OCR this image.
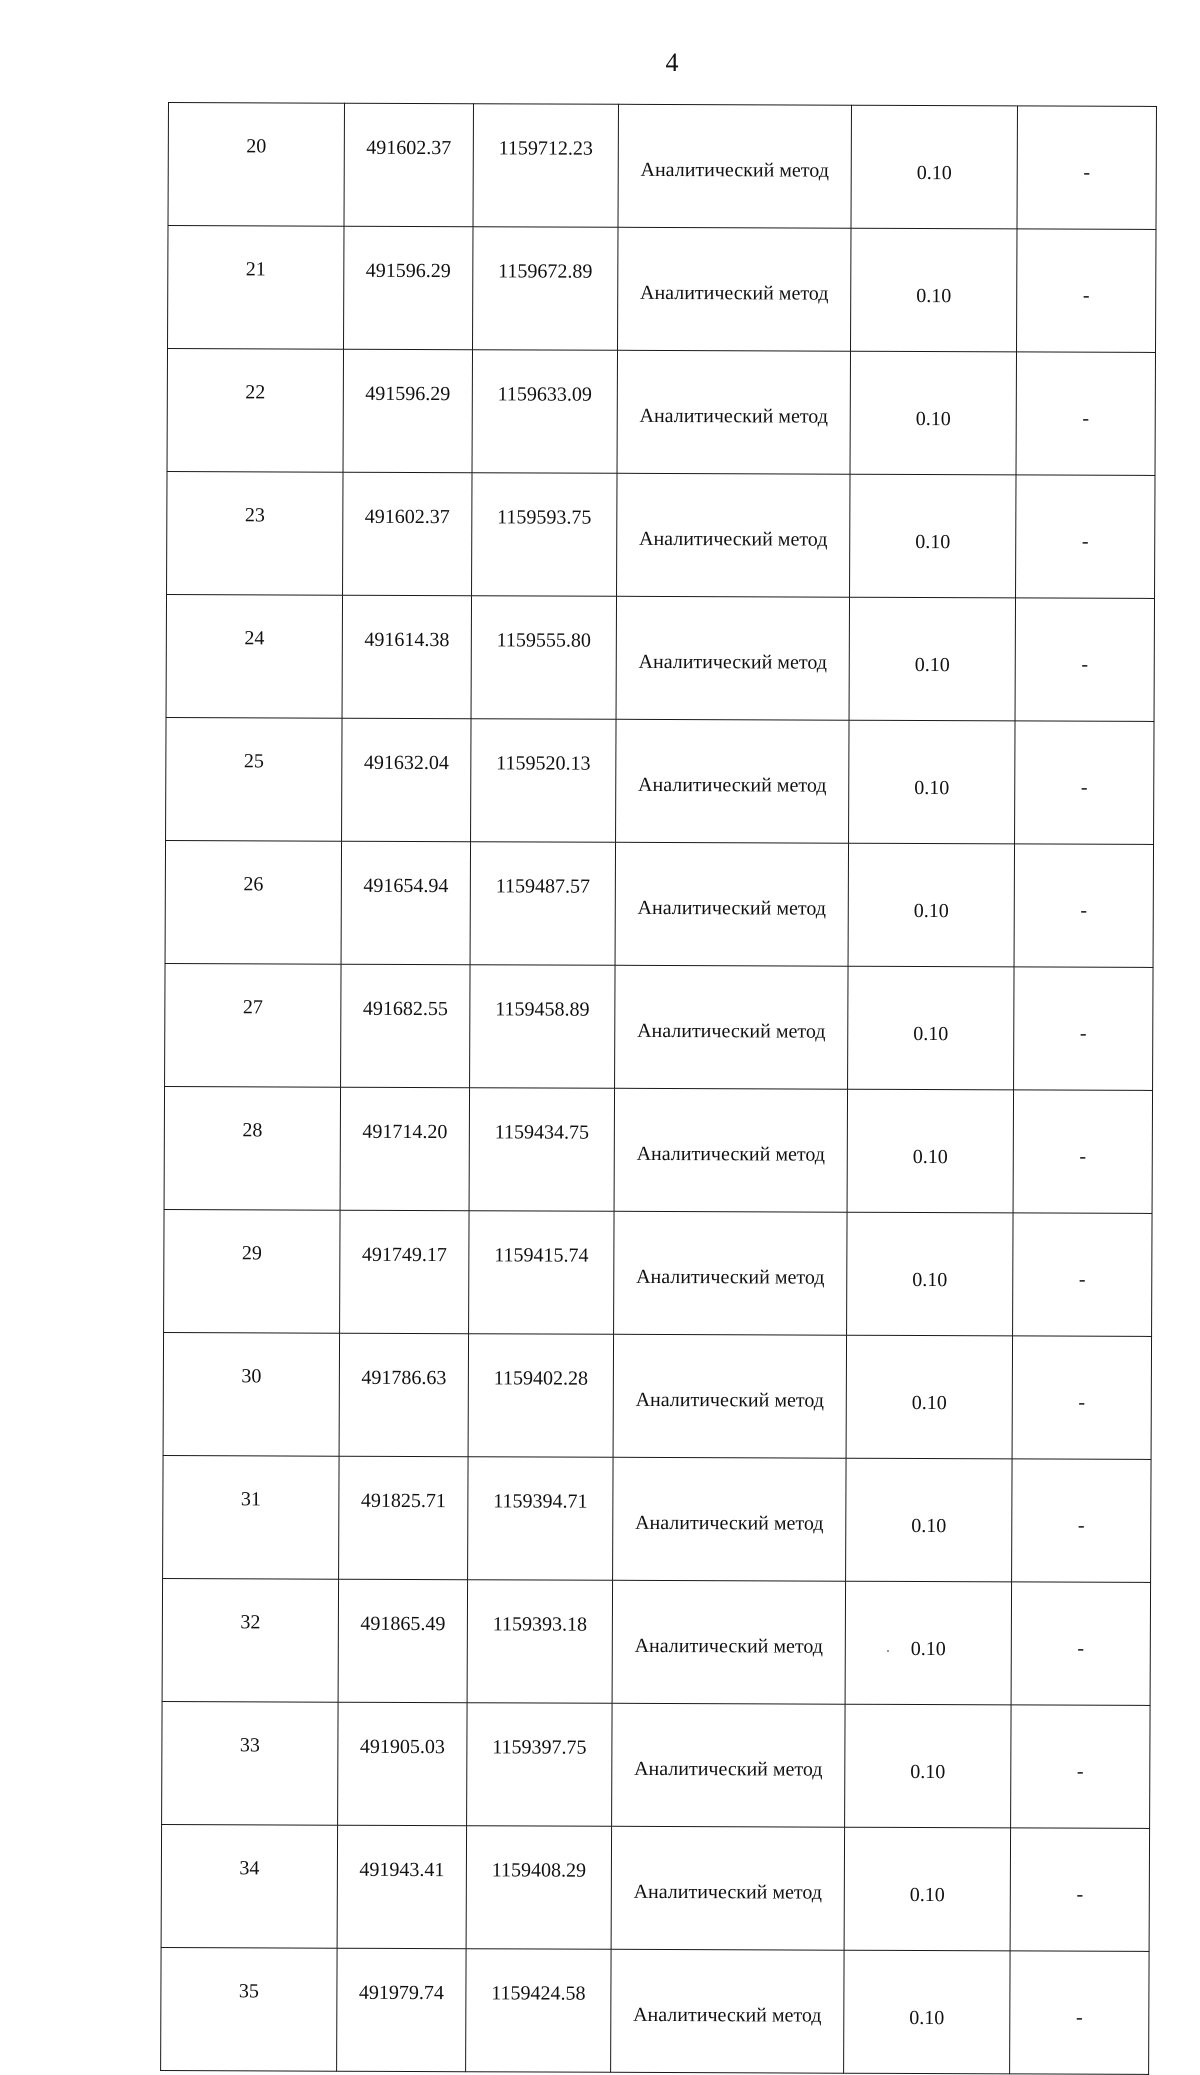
4
20	491602.37	1159712.23	Аналитический метод	0.10	-
21	491596.29	1159672.89	Аналитический метод	0.10	-
22	491596.29	1159633.09	Аналитический метод	0.10	-
23	491602.37	1159593.75	Аналитический метод	0.10	-
24	491614.38	1159555.80	Аналитический метод	0.10	-
25	491632.04	1159520.13	Аналитический метод	0.10	-
26	491654.94	1159487.57	Аналитический метод	0.10	-
27	491682.55	1159458.89	Аналитический метод	0.10	-
28	491714.20	1159434.75	Аналитический метод	0.10	-
29	491749.17	1159415.74	Аналитический метод	0.10	-
30	491786.63	1159402.28	Аналитический метод	0.10	-
31	491825.71	1159394.71	Аналитический метод	0.10	-
32	491865.49	1159393.18	Аналитический метод	0.10	-
33	491905.03	1159397.75	Аналитический метод	0.10	-
34	491943.41	1159408.29	Аналитический метод	0.10	-
35	491979.74	1159424.58	Аналитический метод	0.10	-
